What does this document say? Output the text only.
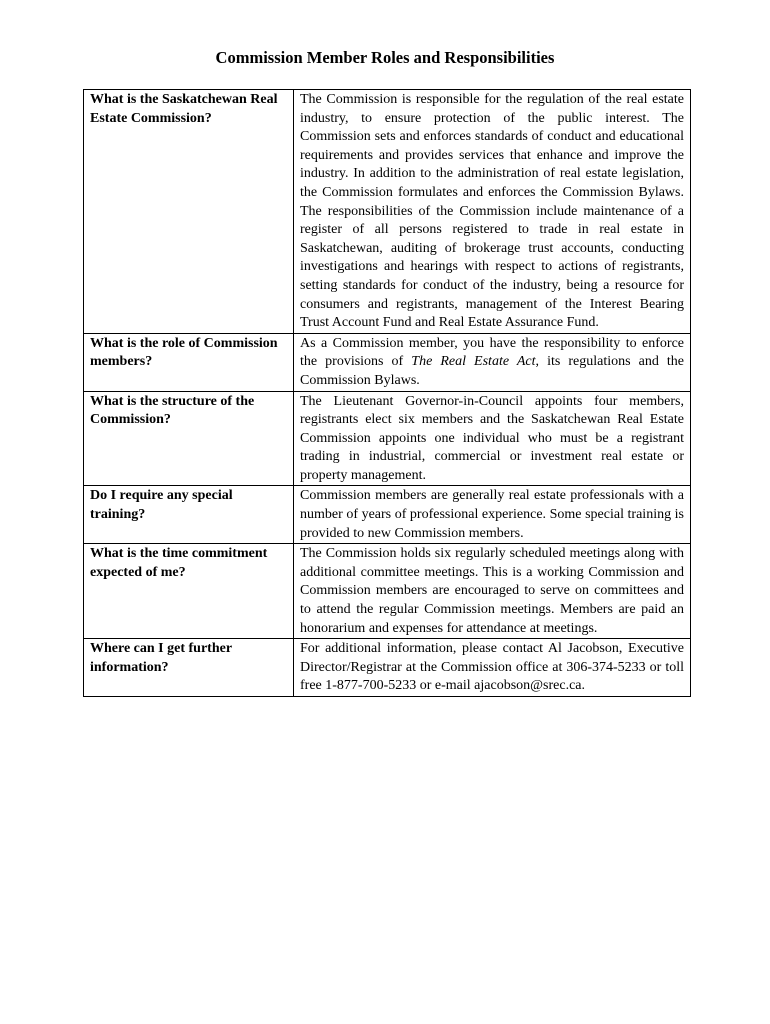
Commission Member Roles and Responsibilities
What is the Saskatchewan Real Estate Commission?	The Commission is responsible for the regulation of the real estate industry, to ensure protection of the public interest. The Commission sets and enforces standards of conduct and educational requirements and provides services that enhance and improve the industry. In addition to the administration of real estate legislation, the Commission formulates and enforces the Commission Bylaws. The responsibilities of the Commission include maintenance of a register of all persons registered to trade in real estate in Saskatchewan, auditing of brokerage trust accounts, conducting investigations and hearings with respect to actions of registrants, setting standards for conduct of the industry, being a resource for consumers and registrants, management of the Interest Bearing Trust Account Fund and Real Estate Assurance Fund.
What is the role of Commission members?	As a Commission member, you have the responsibility to enforce the provisions of The Real Estate Act, its regulations and the Commission Bylaws.
What is the structure of the Commission?	The Lieutenant Governor-in-Council appoints four members, registrants elect six members and the Saskatchewan Real Estate Commission appoints one individual who must be a registrant trading in industrial, commercial or investment real estate or property management.
Do I require any special training?	Commission members are generally real estate professionals with a number of years of professional experience. Some special training is provided to new Commission members.
What is the time commitment expected of me?	The Commission holds six regularly scheduled meetings along with additional committee meetings. This is a working Commission and Commission members are encouraged to serve on committees and to attend the regular Commission meetings. Members are paid an honorarium and expenses for attendance at meetings.
Where can I get further information?	For additional information, please contact Al Jacobson, Executive Director/Registrar at the Commission office at 306-374-5233 or toll free 1-877-700-5233 or e-mail ajacobson@srec.ca.
